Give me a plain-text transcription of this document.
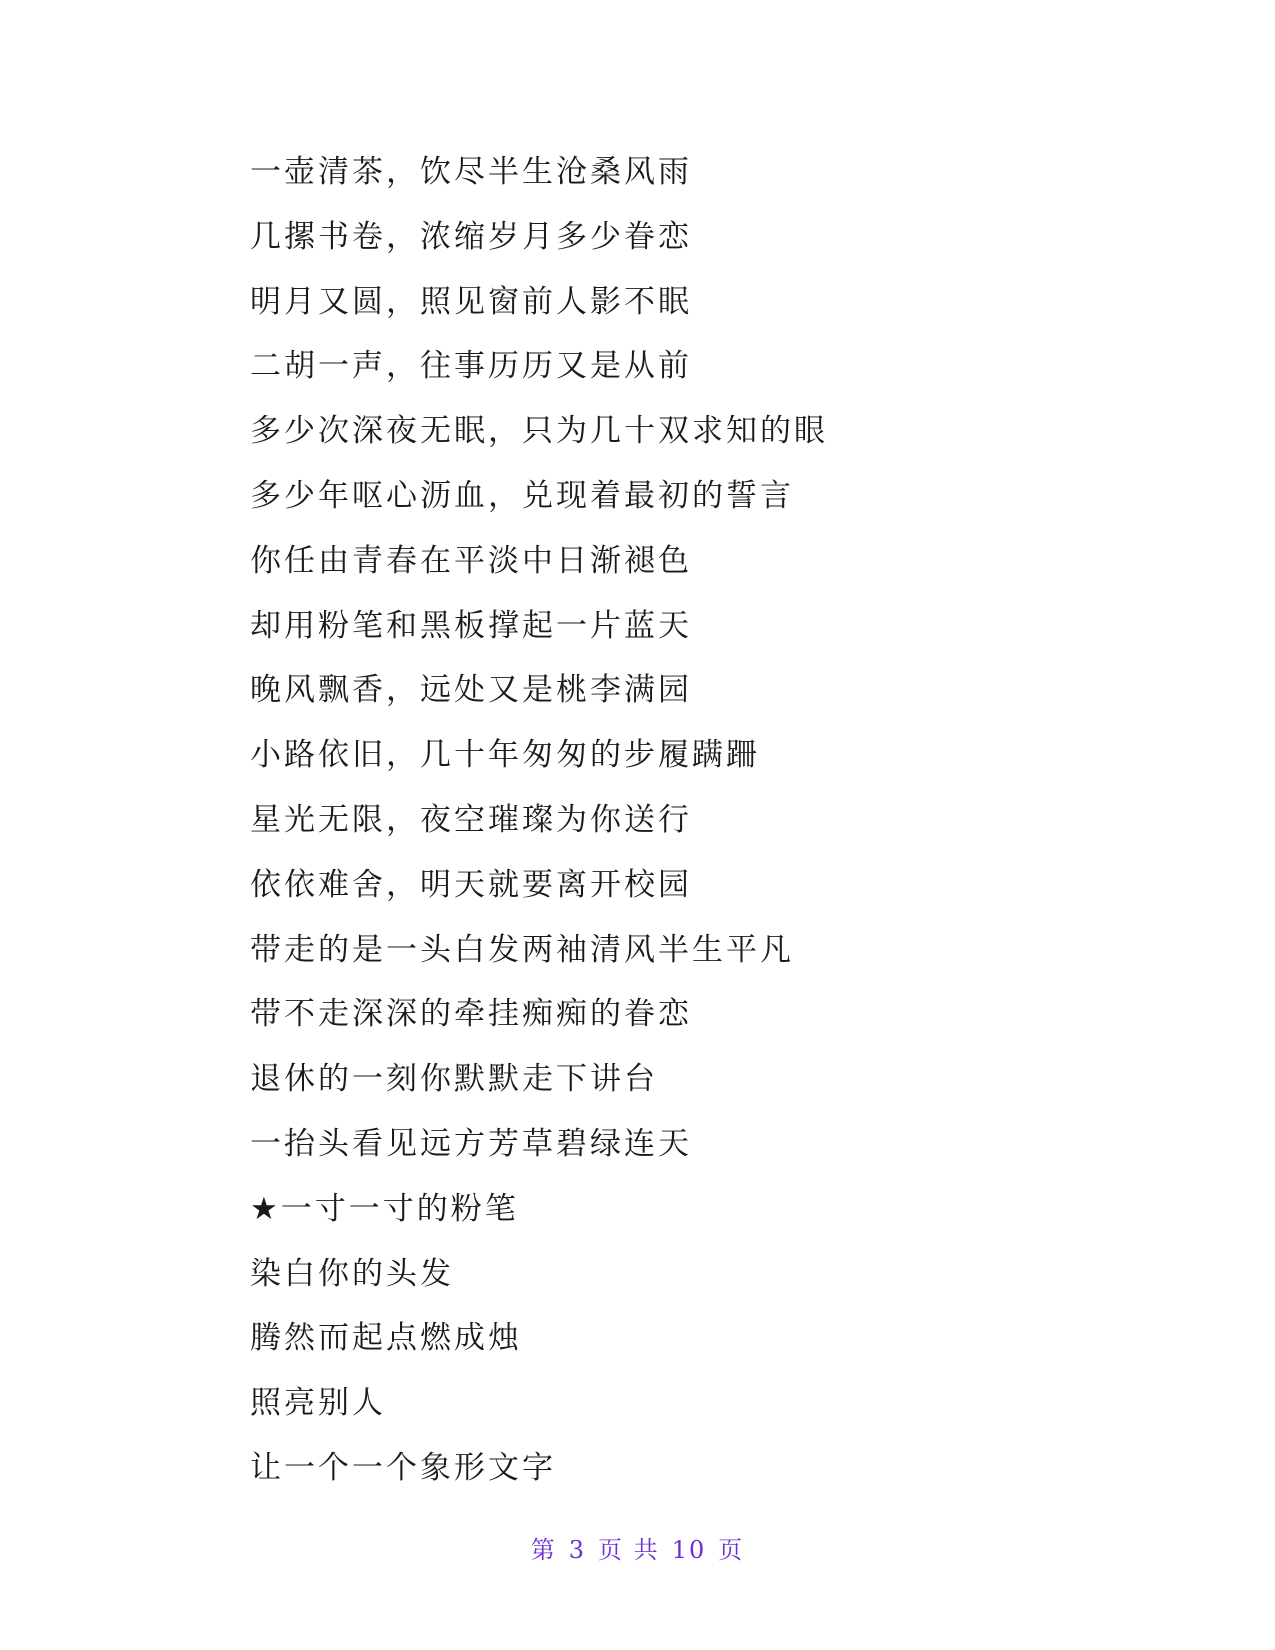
一壶清茶，饮尽半生沧桑风雨
几摞书卷，浓缩岁月多少眷恋
明月又圆，照见窗前人影不眠
二胡一声，往事历历又是从前
多少次深夜无眠，只为几十双求知的眼
多少年呕心沥血，兑现着最初的誓言
你任由青春在平淡中日渐褪色
却用粉笔和黑板撑起一片蓝天
晚风飘香，远处又是桃李满园
小路依旧，几十年匆匆的步履蹒跚
星光无限，夜空璀璨为你送行
依依难舍，明天就要离开校园
带走的是一头白发两袖清风半生平凡
带不走深深的牵挂痴痴的眷恋
退休的一刻你默默走下讲台
一抬头看见远方芳草碧绿连天
★一寸一寸的粉笔
染白你的头发
腾然而起点燃成烛
照亮别人
让一个一个象形文字
第 3 页 共 10 页
